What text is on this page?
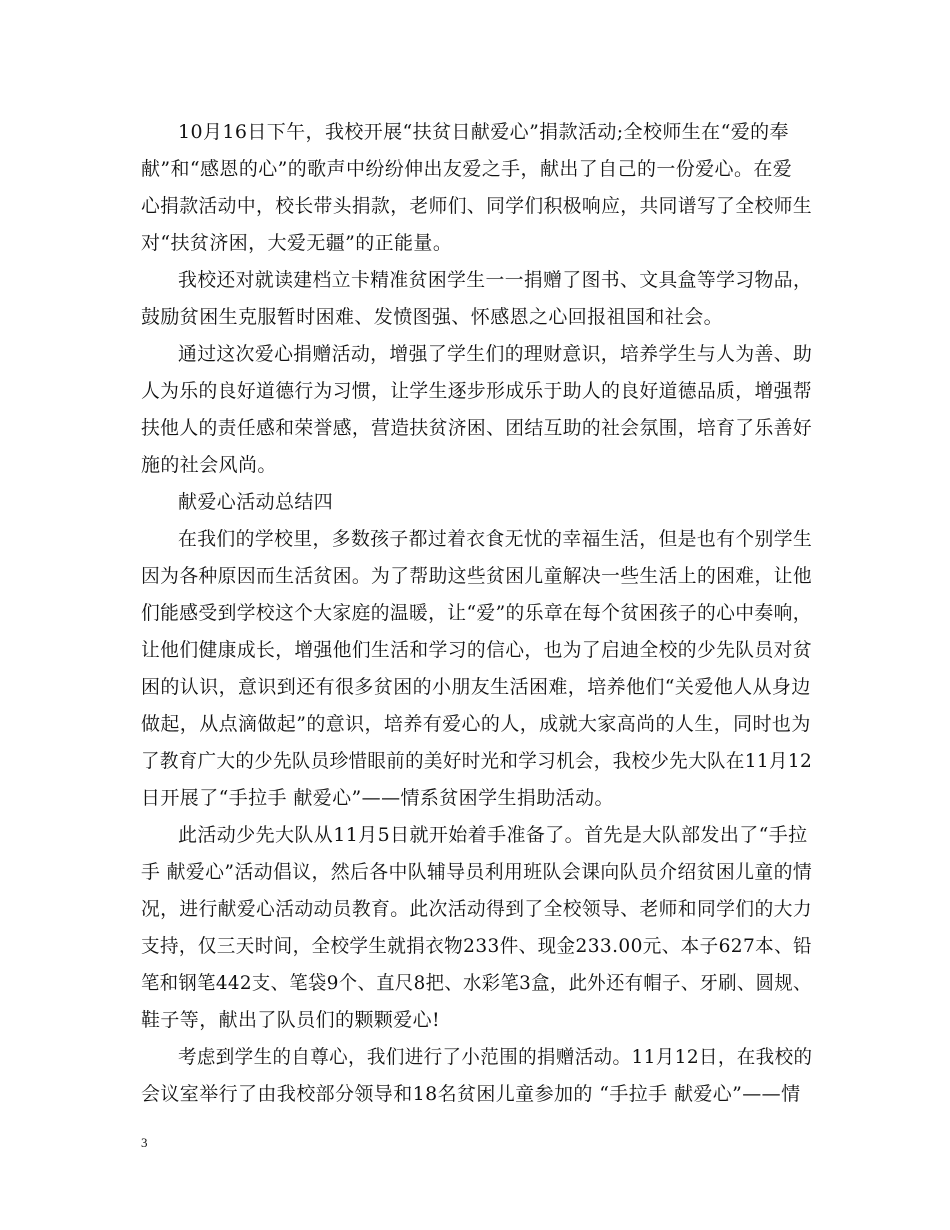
10月16日下午，我校开展“扶贫日献爱心”捐款活动;全校师生在“爱的奉
献”和“感恩的心”的歌声中纷纷伸出友爱之手，献出了自己的一份爱心。在爱
心捐款活动中，校长带头捐款，老师们、同学们积极响应，共同谱写了全校师生
对“扶贫济困，大爱无疆”的正能量。
我校还对就读建档立卡精准贫困学生一一捐赠了图书、文具盒等学习物品，
鼓励贫困生克服暂时困难、发愤图强、怀感恩之心回报祖国和社会。
通过这次爱心捐赠活动，增强了学生们的理财意识，培养学生与人为善、助
人为乐的良好道德行为习惯，让学生逐步形成乐于助人的良好道德品质，增强帮
扶他人的责任感和荣誉感，营造扶贫济困、团结互助的社会氛围，培育了乐善好
施的社会风尚。
献爱心活动总结四
在我们的学校里，多数孩子都过着衣食无忧的幸福生活，但是也有个别学生
因为各种原因而生活贫困。为了帮助这些贫困儿童解决一些生活上的困难，让他
们能感受到学校这个大家庭的温暖，让“爱”的乐章在每个贫困孩子的心中奏响，
让他们健康成长，增强他们生活和学习的信心，也为了启迪全校的少先队员对贫
困的认识，意识到还有很多贫困的小朋友生活困难，培养他们“关爱他人从身边
做起，从点滴做起”的意识，培养有爱心的人，成就大家高尚的人生，同时也为
了教育广大的少先队员珍惜眼前的美好时光和学习机会，我校少先大队在11月12
日开展了“手拉手 献爱心”——情系贫困学生捐助活动。
此活动少先大队从11月5日就开始着手准备了。首先是大队部发出了“手拉
手 献爱心”活动倡议，然后各中队辅导员利用班队会课向队员介绍贫困儿童的情
况，进行献爱心活动动员教育。此次活动得到了全校领导、老师和同学们的大力
支持，仅三天时间，全校学生就捐衣物233件、现金233.00元、本子627本、铅
笔和钢笔442支、笔袋9个、直尺8把、水彩笔3盒，此外还有帽子、牙刷、圆规、
鞋子等，献出了队员们的颗颗爱心!
考虑到学生的自尊心，我们进行了小范围的捐赠活动。11月12日，在我校的
会议室举行了由我校部分领导和18名贫困儿童参加的 “手拉手 献爱心”——情
3
